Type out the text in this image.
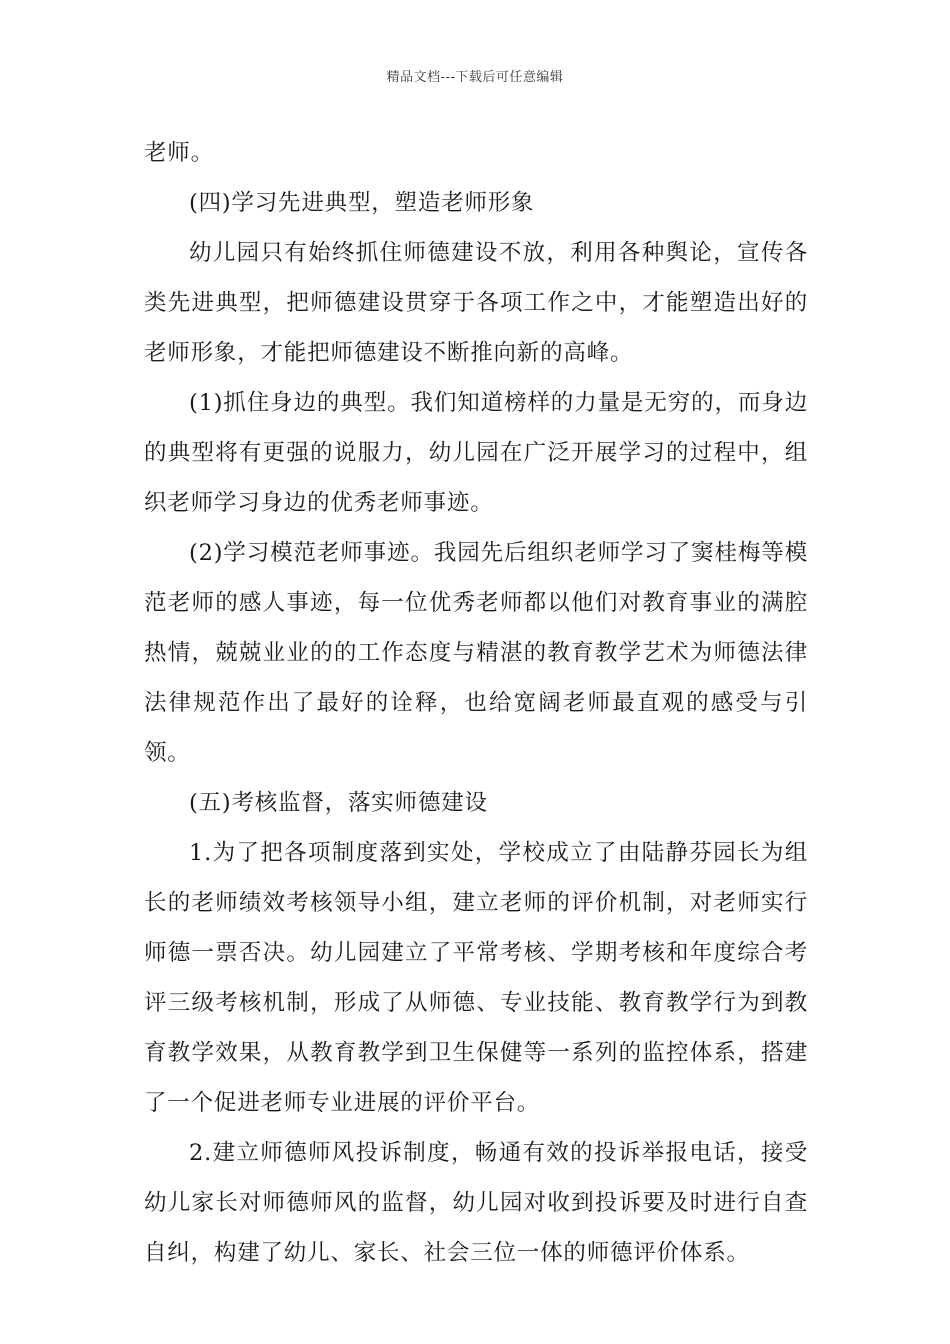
精品文档---下载后可任意编辑

老师。

(四)学习先进典型，塑造老师形象

幼儿园只有始终抓住师德建设不放，利用各种舆论，宣传各类先进典型，把师德建设贯穿于各项工作之中，才能塑造出好的老师形象，才能把师德建设不断推向新的高峰。

(1)抓住身边的典型。我们知道榜样的力量是无穷的，而身边的典型将有更强的说服力，幼儿园在广泛开展学习的过程中，组织老师学习身边的优秀老师事迹。

(2)学习模范老师事迹。我园先后组织老师学习了窦桂梅等模范老师的感人事迹，每一位优秀老师都以他们对教育事业的满腔热情，兢兢业业的的工作态度与精湛的教育教学艺术为师德法律法律规范作出了最好的诠释，也给宽阔老师最直观的感受与引领。

(五)考核监督，落实师德建设

1.为了把各项制度落到实处，学校成立了由陆静芬园长为组长的老师绩效考核领导小组，建立老师的评价机制，对老师实行师德一票否决。幼儿园建立了平常考核、学期考核和年度综合考评三级考核机制，形成了从师德、专业技能、教育教学行为到教育教学效果，从教育教学到卫生保健等一系列的监控体系，搭建了一个促进老师专业进展的评价平台。

2.建立师德师风投诉制度，畅通有效的投诉举报电话，接受幼儿家长对师德师风的监督，幼儿园对收到投诉要及时进行自查自纠，构建了幼儿、家长、社会三位一体的师德评价体系。
